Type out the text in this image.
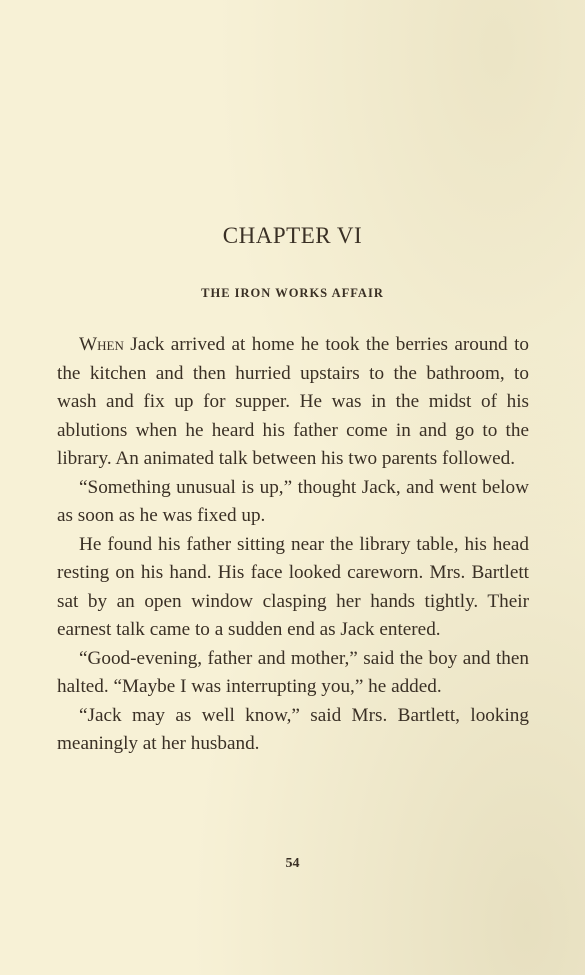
CHAPTER VI
THE IRON WORKS AFFAIR

When Jack arrived at home he took the berries around to the kitchen and then hurried upstairs to the bathroom, to wash and fix up for supper. He was in the midst of his ablutions when he heard his father come in and go to the library. An animated talk between his two parents followed.

“Something unusual is up,” thought Jack, and went below as soon as he was fixed up.

He found his father sitting near the library table, his head resting on his hand. His face looked careworn. Mrs. Bartlett sat by an open window clasping her hands tightly. Their earnest talk came to a sudden end as Jack entered.

“Good-evening, father and mother,” said the boy and then halted. “Maybe I was interrupting you,” he added.

“Jack may as well know,” said Mrs. Bartlett, looking meaningly at her husband.

54
